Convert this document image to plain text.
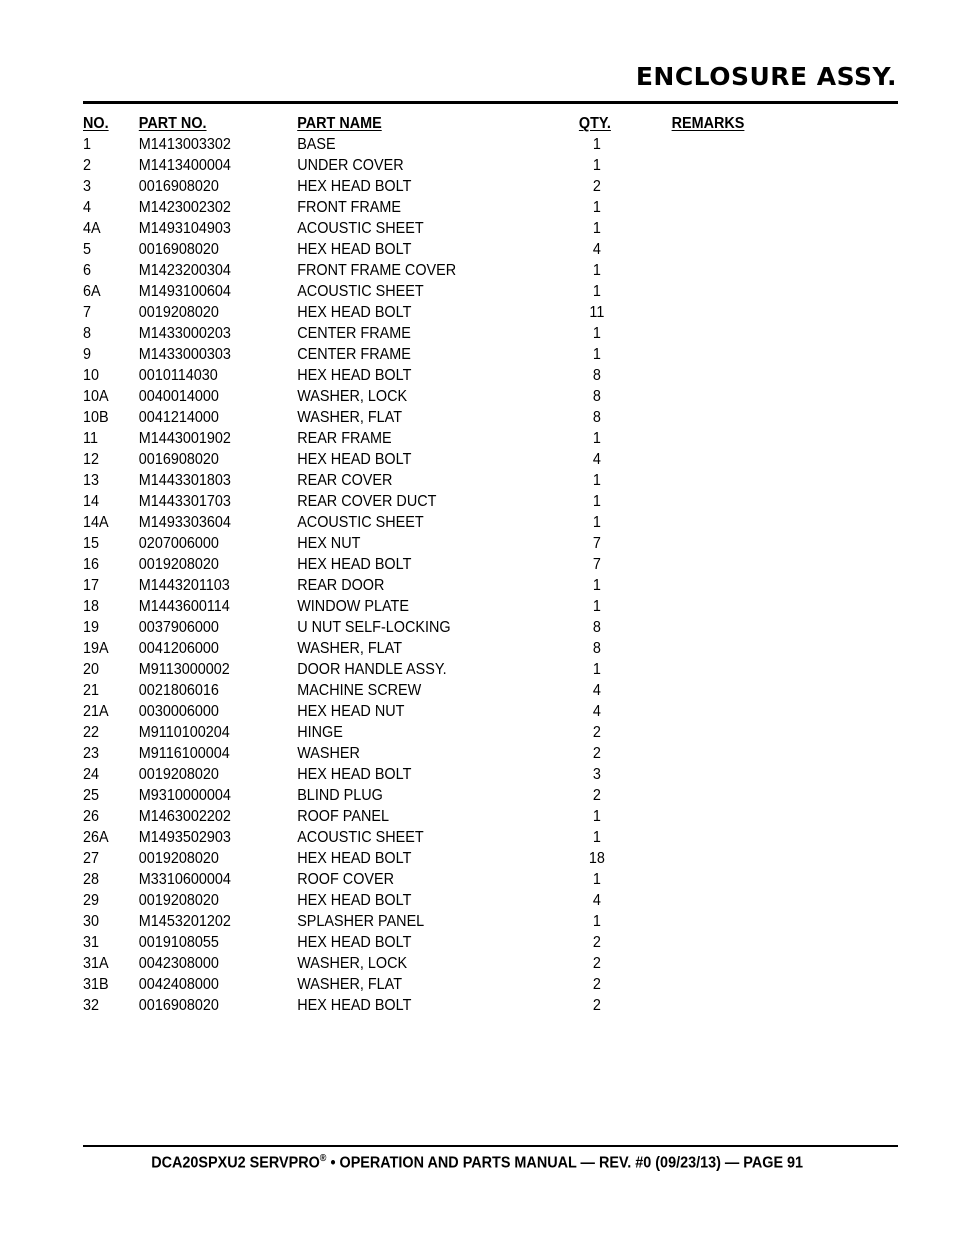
ENCLOSURE ASSY.
NO. PART NO.	PART NAME	QTY.	REMARKS
1	M1413003302	BASE	1
2	M1413400004	UNDER COVER	1
3	0016908020	HEX HEAD BOLT	2
4	M1423002302	FRONT FRAME	1
4A M1493104903	ACOUSTIC SHEET	1
5	0016908020	HEX HEAD BOLT	4
6	M1423200304	FRONT FRAME COVER	1
6A M1493100604	ACOUSTIC SHEET	1
7	0019208020	HEX HEAD BOLT	11
8	M1433000203	CENTER FRAME	1
9	M1433000303	CENTER FRAME	1
10 0010114030	HEX HEAD BOLT	8
10A 0040014000	WASHER, LOCK	8
10B 0041214000	WASHER, FLAT	8
11	M1443001902	REAR FRAME	1
12 0016908020	HEX HEAD BOLT	4
13 M1443301803	REAR COVER	1
14 M1443301703	REAR COVER DUCT	1
14A M1493303604	ACOUSTIC SHEET	1
15 0207006000	HEX NUT	7
16 0019208020	HEX HEAD BOLT	7
17 M1443201103	REAR DOOR	1
18 M1443600114	WINDOW PLATE	1
19 0037906000	U NUT SELF-LOCKING	8
19A 0041206000	WASHER, FLAT	8
20 M9113000002	DOOR HANDLE ASSY.	1
21 0021806016	MACHINE SCREW	4
21A 0030006000	HEX HEAD NUT	4
22 M9110100204	HINGE	2
23 M9116100004	WASHER	2
24 0019208020	HEX HEAD BOLT	3
25 M9310000004	BLIND PLUG	2
26 M1463002202	ROOF PANEL	1
26A M1493502903	ACOUSTIC SHEET	1
27 0019208020	HEX HEAD BOLT	18
28 M3310600004	ROOF COVER	1
29 0019208020	HEX HEAD BOLT	4
30 M1453201202	SPLASHER PANEL	1
31 0019108055	HEX HEAD BOLT	2
31A 0042308000	WASHER, LOCK	2
31B 0042408000	WASHER, FLAT	2
32 0016908020	HEX HEAD BOLT	2
DCA20SPXU2 SERVPRO® • OPERATION AND PARTS MANUAL — REV. #0 (09/23/13) — PAGE 91
